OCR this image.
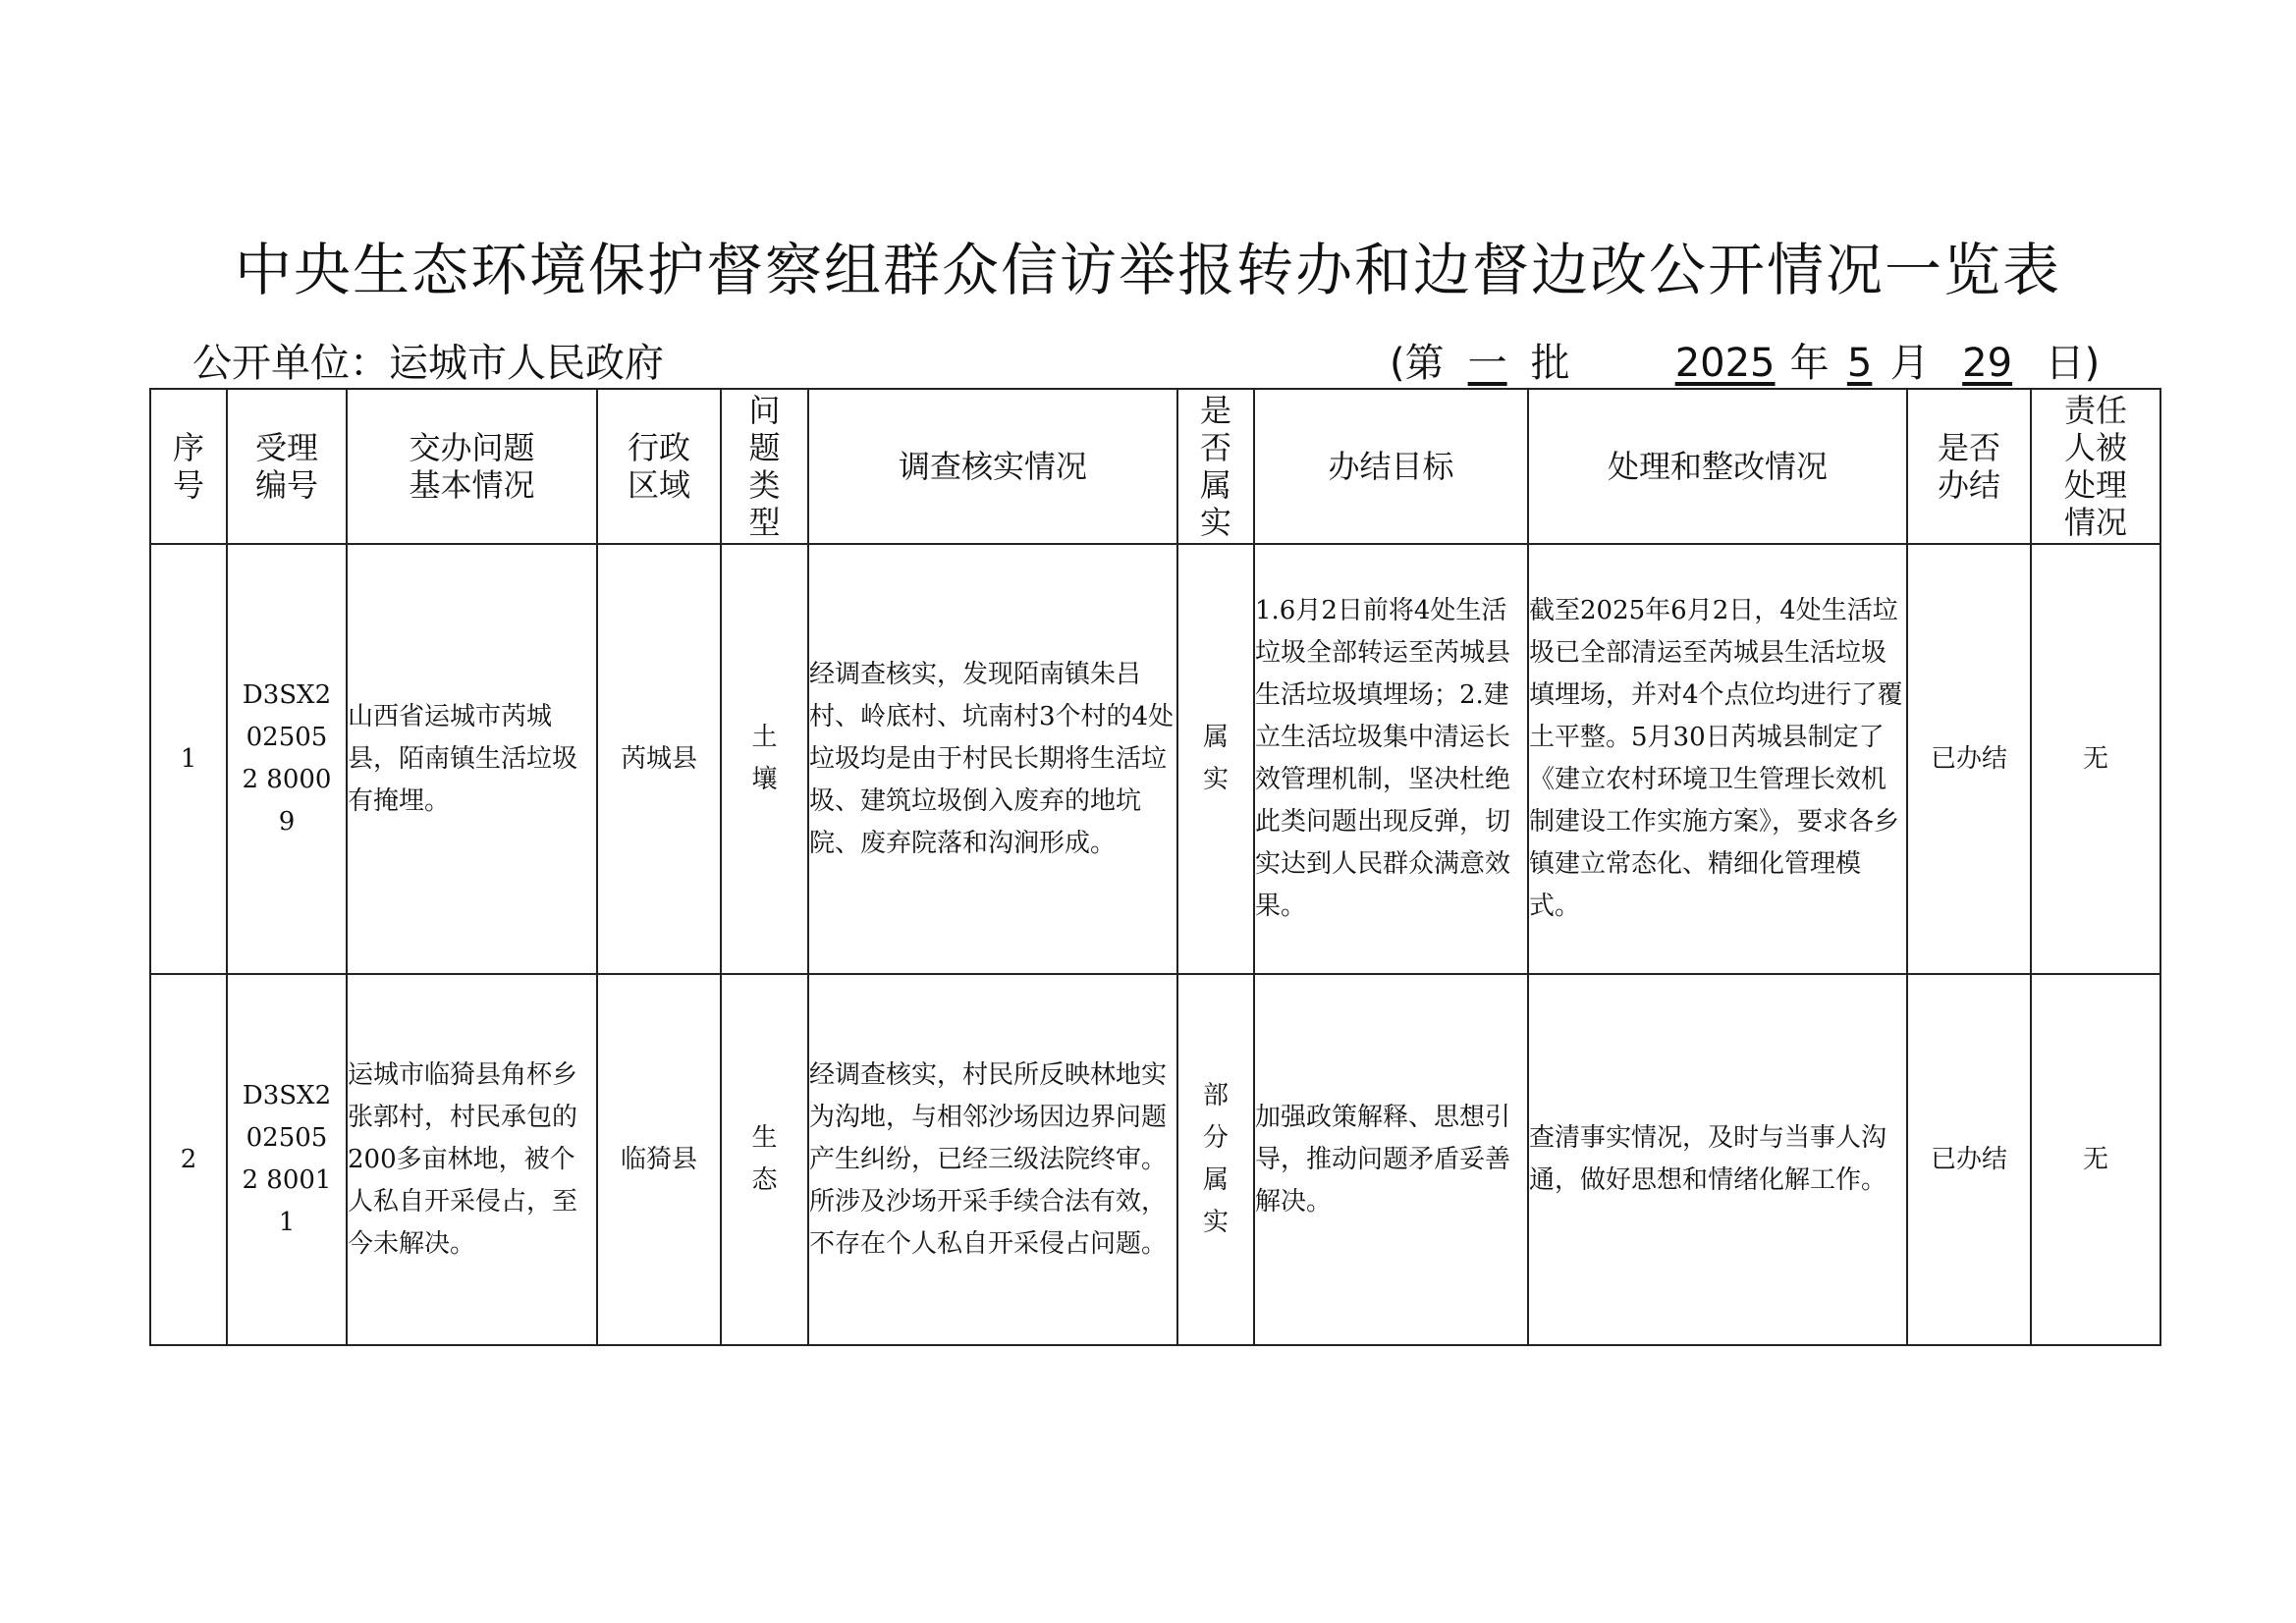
中央生态环境保护督察组群众信访举报转办和边督边改公开情况一览表
公开单位：运城市人民政府	(第 一 批	2025 年 5 月 29 日)
序号	受理编号	交办问题基本情况	行政区域	问题类型	调查核实情况	是否属实	办结目标	处理和整改情况	是否办结	责任人被处理情况
1	D3SX2025052 80009	山西省运城市芮城县，陌南镇生活垃圾有掩埋。	芮城县	土壤	经调查核实，发现陌南镇朱吕村、岭底村、坑南村3个村的4处垃圾均是由于村民长期将生活垃圾、建筑垃圾倒入废弃的地坑院、废弃院落和沟涧形成。	属实	1.6月2日前将4处生活垃圾全部转运至芮城县生活垃圾填埋场；2.建立生活垃圾集中清运长效管理机制，坚决杜绝此类问题出现反弹，切实达到人民群众满意效果。	截至2025年6月2日，4处生活垃圾已全部清运至芮城县生活垃圾填埋场，并对4个点位均进行了覆土平整。5月30日芮城县制定了《建立农村环境卫生管理长效机制建设工作实施方案》，要求各乡镇建立常态化、精细化管理模式。	已办结	无
2	D3SX2025052 80011	运城市临猗县角杯乡张郭村，村民承包的200多亩林地，被个人私自开采侵占，至今未解决。	临猗县	生态	经调查核实，村民所反映林地实为沟地，与相邻沙场因边界问题产生纠纷，已经三级法院终审。所涉及沙场开采手续合法有效，不存在个人私自开采侵占问题。	部分属实	加强政策解释、思想引导，推动问题矛盾妥善解决。	查清事实情况，及时与当事人沟通，做好思想和情绪化解工作。	已办结	无
